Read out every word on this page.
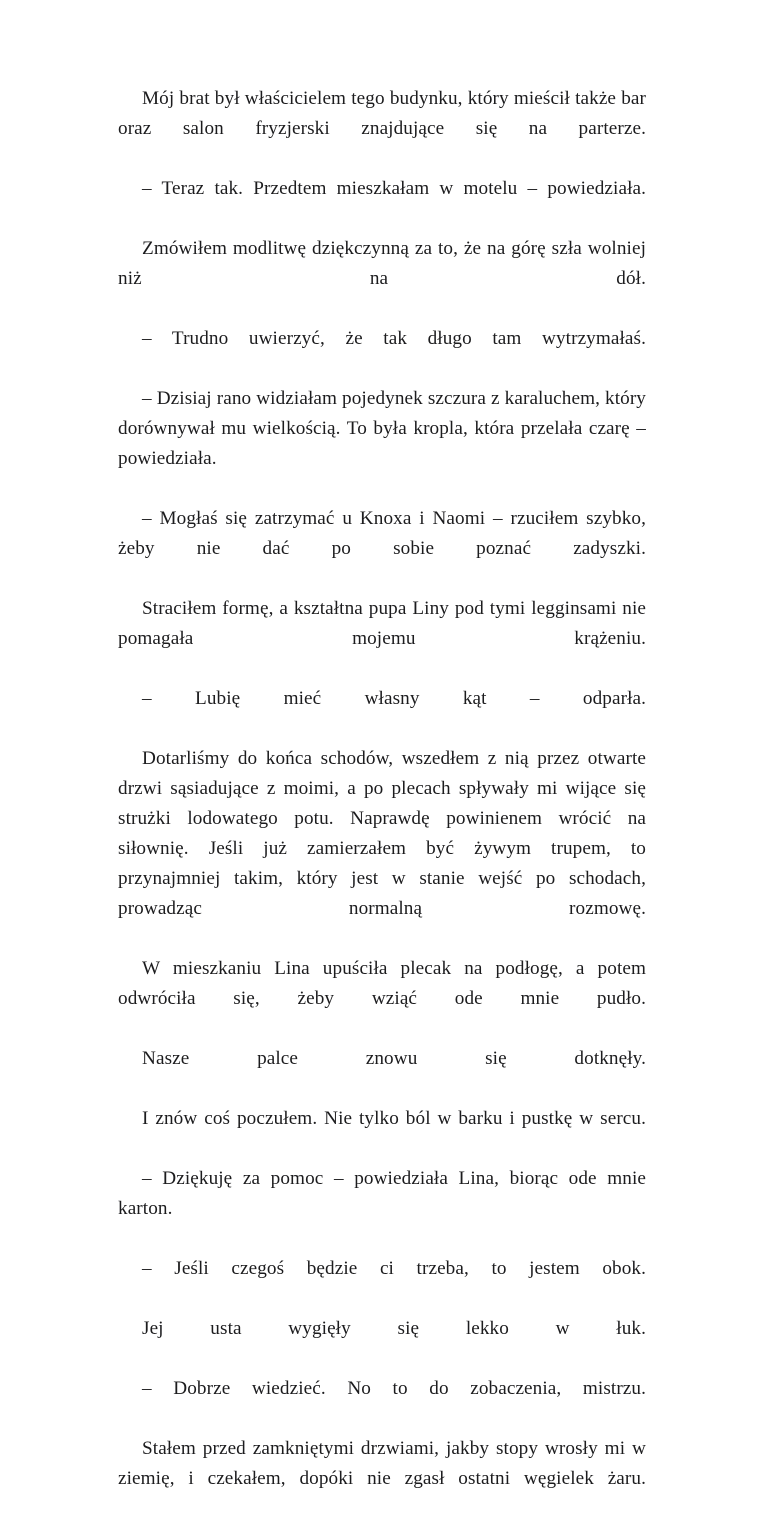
Mój brat był właścicielem tego budynku, który mieścił także bar oraz salon fryzjerski znajdujące się na parterze.

– Teraz tak. Przedtem mieszkałam w motelu – powiedziała.

Zmówiłem modlitwę dziękczynną za to, że na górę szła wolniej niż na dół.

– Trudno uwierzyć, że tak długo tam wytrzymałaś.

– Dzisiaj rano widziałam pojedynek szczura z karaluchem, który dorównywał mu wielkością. To była kropla, która przelała czarę – powiedziała.

– Mogłaś się zatrzymać u Knoxa i Naomi – rzuciłem szybko, żeby nie dać po sobie poznać zadyszki.

Straciłem formę, a kształtna pupa Liny pod tymi legginsami nie pomagała mojemu krążeniu.

– Lubię mieć własny kąt – odparła.

Dotarliśmy do końca schodów, wszedłem z nią przez otwarte drzwi sąsiadujące z moimi, a po plecach spływały mi wijące się strużki lodowatego potu. Naprawdę powinienem wrócić na siłownię. Jeśli już zamierzałem być żywym trupem, to przynajmniej takim, który jest w stanie wejść po schodach, prowadząc normalną rozmowę.

W mieszkaniu Lina upuściła plecak na podłogę, a potem odwróciła się, żeby wziąć ode mnie pudło.

Nasze palce znowu się dotknęły.

I znów coś poczułem. Nie tylko ból w barku i pustkę w sercu.

– Dziękuję za pomoc – powiedziała Lina, biorąc ode mnie karton.

– Jeśli czegoś będzie ci trzeba, to jestem obok.

Jej usta wygięły się lekko w łuk.

– Dobrze wiedzieć. No to do zobaczenia, mistrzu.

Stałem przed zamkniętymi drzwiami, jakby stopy wrosły mi w ziemię, i czekałem, dopóki nie zgasł ostatni węgielek żaru.
